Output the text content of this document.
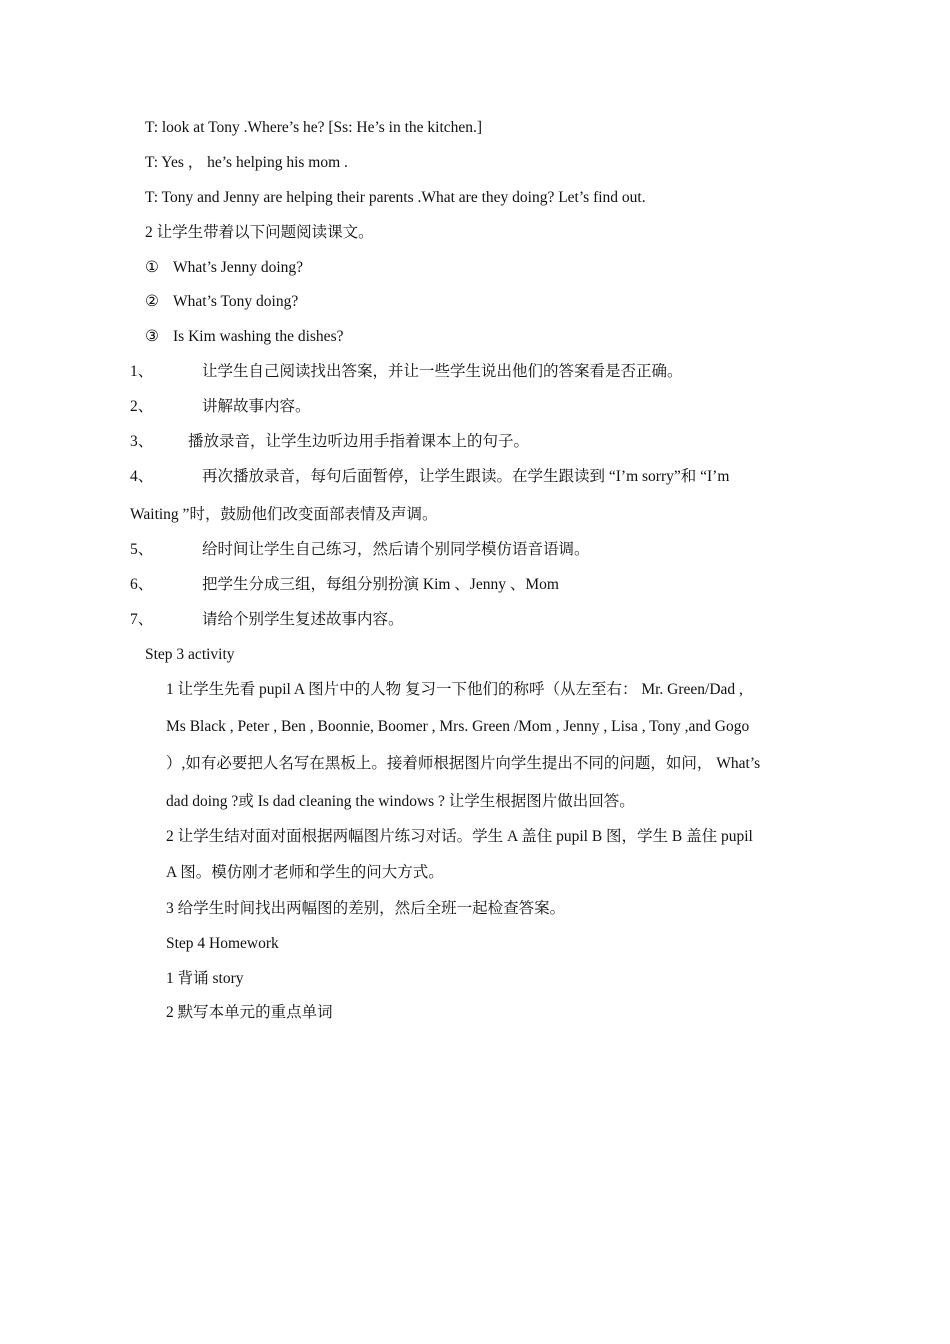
T: look at Tony .Where’s he? [Ss: He’s in the kitchen.]
T: Yes ， he’s helping his mom .
T: Tony and Jenny are helping their parents .What are they doing? Let’s find out.
2 让学生带着以下问题阅读课文。
① What’s Jenny doing?
② What’s Tony doing?
③ Is Kim washing the dishes?
1、	让学生自己阅读找出答案，并让一些学生说出他们的答案看是否正确。
2、	讲解故事内容。
3、 播放录音，让学生边听边用手指着课本上的句子。
4、	再次播放录音，每句后面暂停，让学生跟读。在学生跟读到 “I’m sorry”和 “I’m
Waiting ”时，鼓励他们改变面部表情及声调。
5、	给时间让学生自己练习，然后请个别同学模仿语音语调。
6、	把学生分成三组，每组分别扮演 Kim 、Jenny 、Mom
7、	请给个别学生复述故事内容。
Step 3 activity
1 让学生先看 pupil A 图片中的人物 复习一下他们的称呼（从左至右： Mr. Green/Dad ,
Ms Black , Peter , Ben , Boonnie, Boomer , Mrs. Green /Mom , Jenny , Lisa , Tony ,and Gogo
）,如有必要把人名写在黑板上。接着师根据图片向学生提出不同的问题，如问， What’s
dad doing ?或 Is dad cleaning the windows ? 让学生根据图片做出回答。
2 让学生结对面对面根据两幅图片练习对话。学生 A 盖住 pupil B 图，学生 B 盖住 pupil
A 图。模仿刚才老师和学生的问大方式。
3 给学生时间找出两幅图的差别，然后全班一起检查答案。
Step 4 Homework
1 背诵 story
2 默写本单元的重点单词
